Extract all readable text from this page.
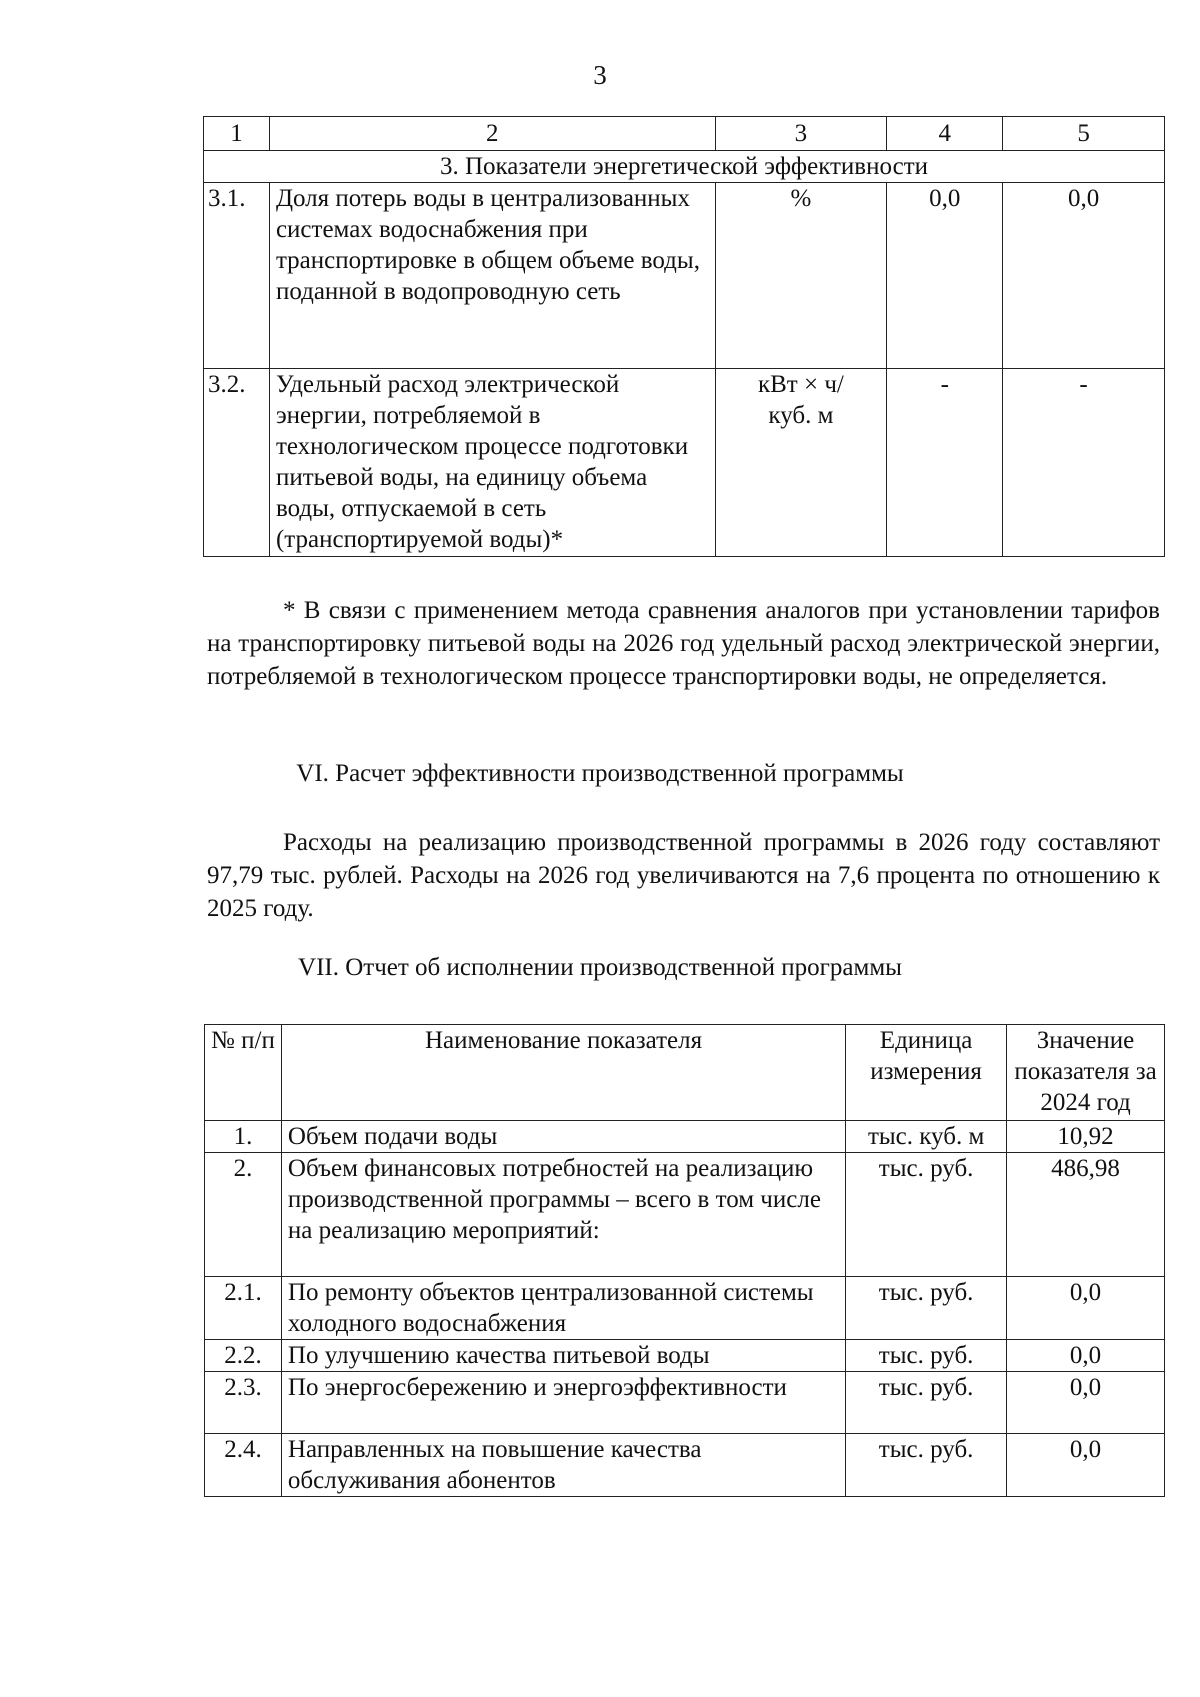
3
1	2	3	4	5
3. Показатели энергетической эффективности				
3.1.	Доля потерь воды в централизованных системах водоснабжения при транспортировке в общем объеме воды, поданной в водопроводную сеть	%	0,0	0,0
3.2.	Удельный расход электрической энергии, потребляемой в технологическом процессе подготовки питьевой воды, на единицу объема воды, отпускаемой в сеть (транспортируемой воды)*	кВт × ч/ куб. м	-	-
* В связи с применением метода сравнения аналогов при установлении тарифов на транспортировку питьевой воды на 2026 год удельный расход электрической энергии, потребляемой в технологическом процессе транспортировки воды, не определяется.
VI. Расчет эффективности производственной программы
Расходы на реализацию производственной программы в 2026 году составляют 97,79 тыс. рублей. Расходы на 2026 год увеличиваются на 7,6 процента по отношению к 2025 году.
VII. Отчет об исполнении производственной программы
№ п/п	Наименование показателя	Единица измерения	Значение показателя за 2024 год
1.	Объем подачи воды	тыс. куб. м	10,92
2.	Объем финансовых потребностей на реализацию производственной программы – всего в том числе на реализацию мероприятий:	тыс. руб.	486,98
2.1.	По ремонту объектов централизованной системы холодного водоснабжения	тыс. руб.	0,0
2.2.	По улучшению качества питьевой воды	тыс. руб.	0,0
2.3.	По энергосбережению и энергоэффективности	тыс. руб.	0,0
2.4.	Направленных на повышение качества обслуживания абонентов	тыс. руб.	0,0
